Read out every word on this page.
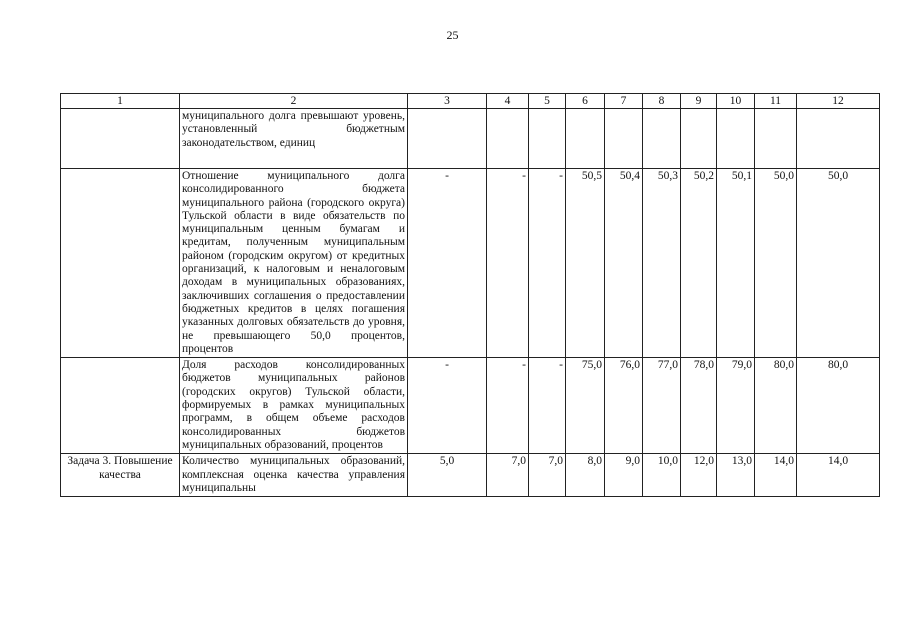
25
1	2	3	4	5	6	7	8	9	10	11	12
	муниципального долга превышают уровень, установленный бюджетным законодательством, единиц										
	Отношение муниципального долга консолидированного бюджета муниципального района (городского округа) Тульской области в виде обязательств по муниципальным ценным бумагам и кредитам, полученным муниципальным районом (городским округом) от кредитных организаций, к налоговым и неналоговым доходам в муниципальных образованиях, заключивших соглашения о предоставлении бюджетных кредитов в целях погашения указанных долговых обязательств до уровня, не превышающего 50,0 процентов, процентов	-	-	-	50,5	50,4	50,3	50,2	50,1	50,0	50,0
	Доля расходов консолидированных бюджетов муниципальных районов (городских округов) Тульской области, формируемых в рамках муниципальных программ, в общем объеме расходов консолидированных бюджетов муниципальных образований, процентов	-	-	-	75,0	76,0	77,0	78,0	79,0	80,0	80,0
Задача 3. Повышение качества	Количество муниципальных образований, комплексная оценка качества управления муниципальны	5,0	7,0	7,0	8,0	9,0	10,0	12,0	13,0	14,0	14,0
